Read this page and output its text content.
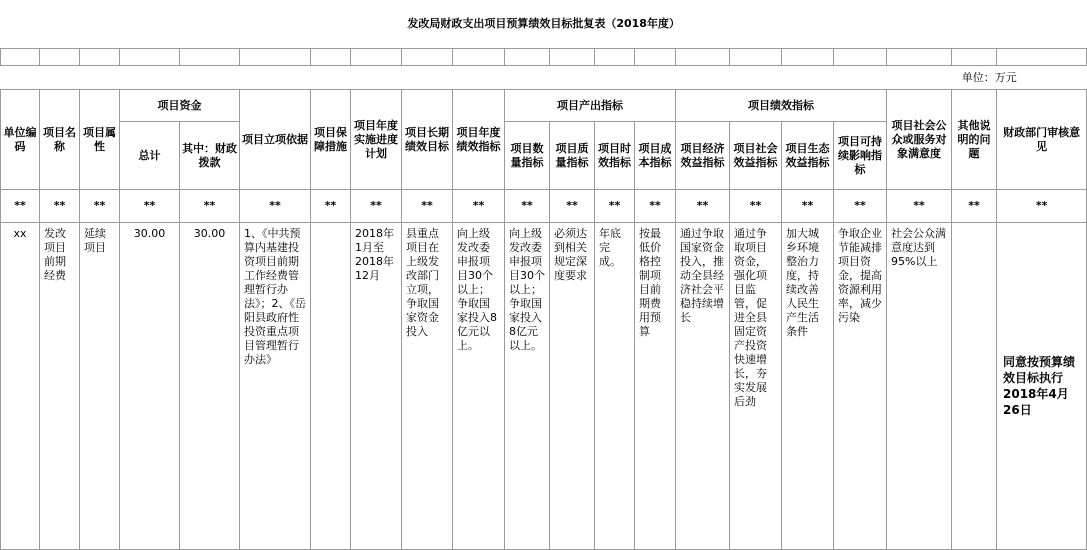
发改局财政支出项目预算绩效目标批复表（2018年度）																				

单位：万元																				
单位编码	项目名称	项目属性	项目资金		项目立项依据	项目保障措施	项目年度实施进度计划	项目长期绩效目标	项目年度绩效指标	项目产出指标				项目绩效指标				项目社会公众或服务对象满意度	其他说明的问题	财政部门审核意见
			总计	其中：财政拨款						项目数量指标	项目质量指标	项目时效指标	项目成本指标	项目经济效益指标	项目社会效益指标	项目生态效益指标	项目可持续影响指标			
**	**	**	**	**	**	**	**	**	**	**	**	**	**	**	**	**	**	**	**	**
xx	发改项目前期经费	延续项目	30.00	30.00	1、《中共预算内基建投资项目前期工作经费管理暂行办法》；2、《岳阳县政府性投资重点项目管理暂行办法》		2018年1月至2018年12月	县重点项目在上级发改部门立项，争取国家资金投入	向上级发改委申报项目30个以上；争取国家投入8亿元以上。	向上级发改委申报项目30个以上；争取国家投入8亿元以上。	必须达到相关规定深度要求	年底完成。	按最低价格控制项目前期费用预算	通过争取国家资金投入，推动全县经济社会平稳持续增长	通过争取项目资金，强化项目监管，促进全县固定资产投资快速增长，夯实发展后劲	加大城乡环境整治力度，持续改善人民生产生活条件	争取企业节能减排项目资金，提高资源利用率，减少污染	社会公众满意度达到95%以上		同意按预算绩效目标执行 2018年4月26日
